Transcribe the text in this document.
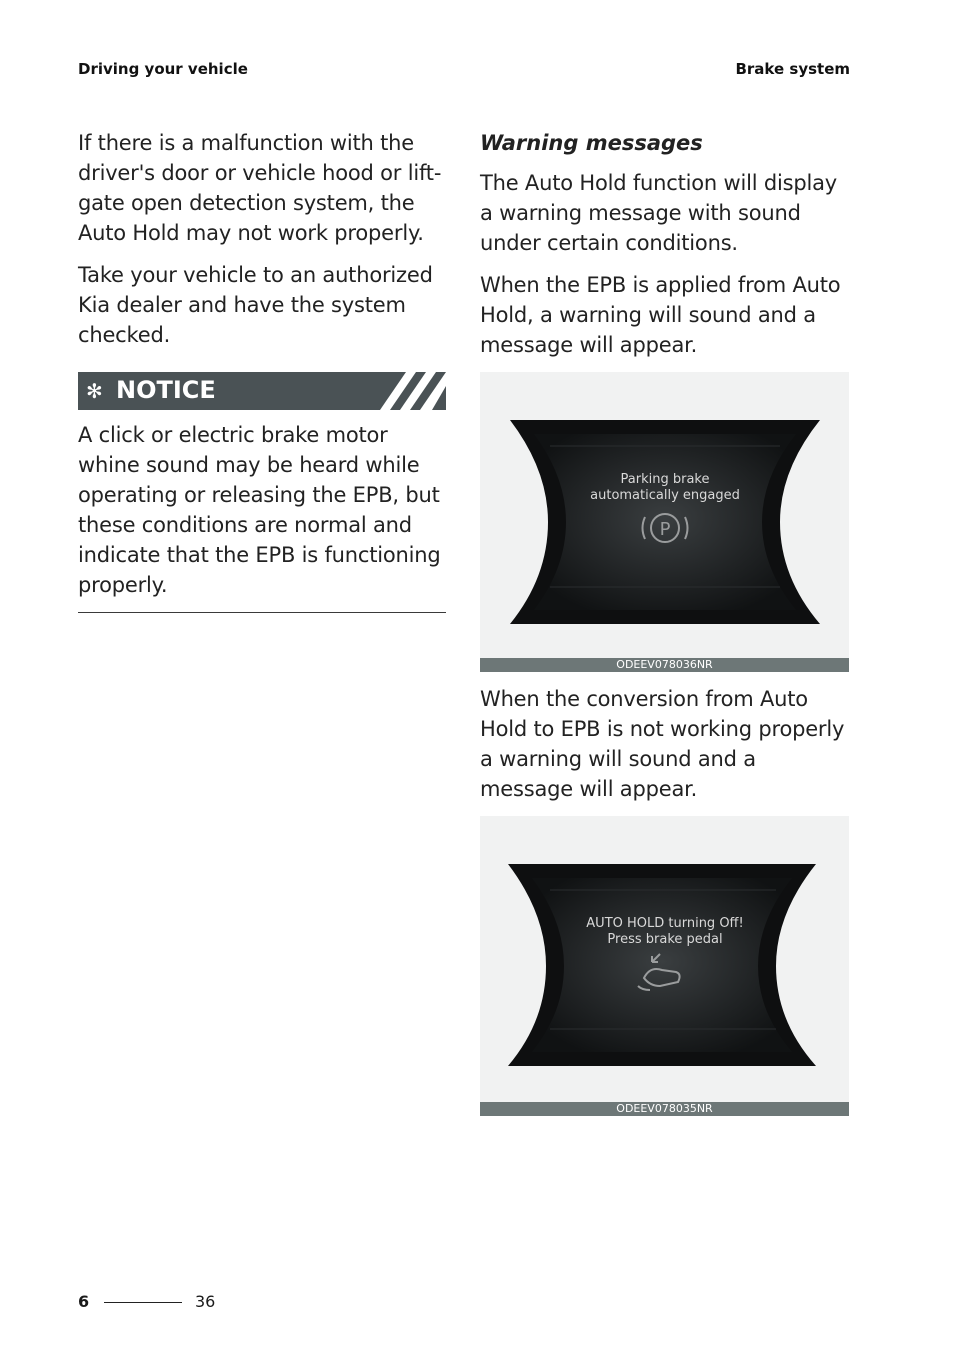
Driving your vehicle	Brake system

If there is a malfunction with the driver's door or vehicle hood or lift-gate open detection system, the Auto Hold may not work properly.

Take your vehicle to an authorized Kia dealer and have the system checked.

✻ NOTICE

A click or electric brake motor whine sound may be heard while operating or releasing the EPB, but these conditions are normal and indicate that the EPB is functioning properly.

Warning messages

The Auto Hold function will display a warning message with sound under certain conditions.

When the EPB is applied from Auto Hold, a warning will sound and a message will appear.

Parking brake
automatically engaged
P
ODEEV078036NR

When the conversion from Auto Hold to EPB is not working properly a warning will sound and a message will appear.

AUTO HOLD turning Off!
Press brake pedal
ODEEV078035NR
6	36
